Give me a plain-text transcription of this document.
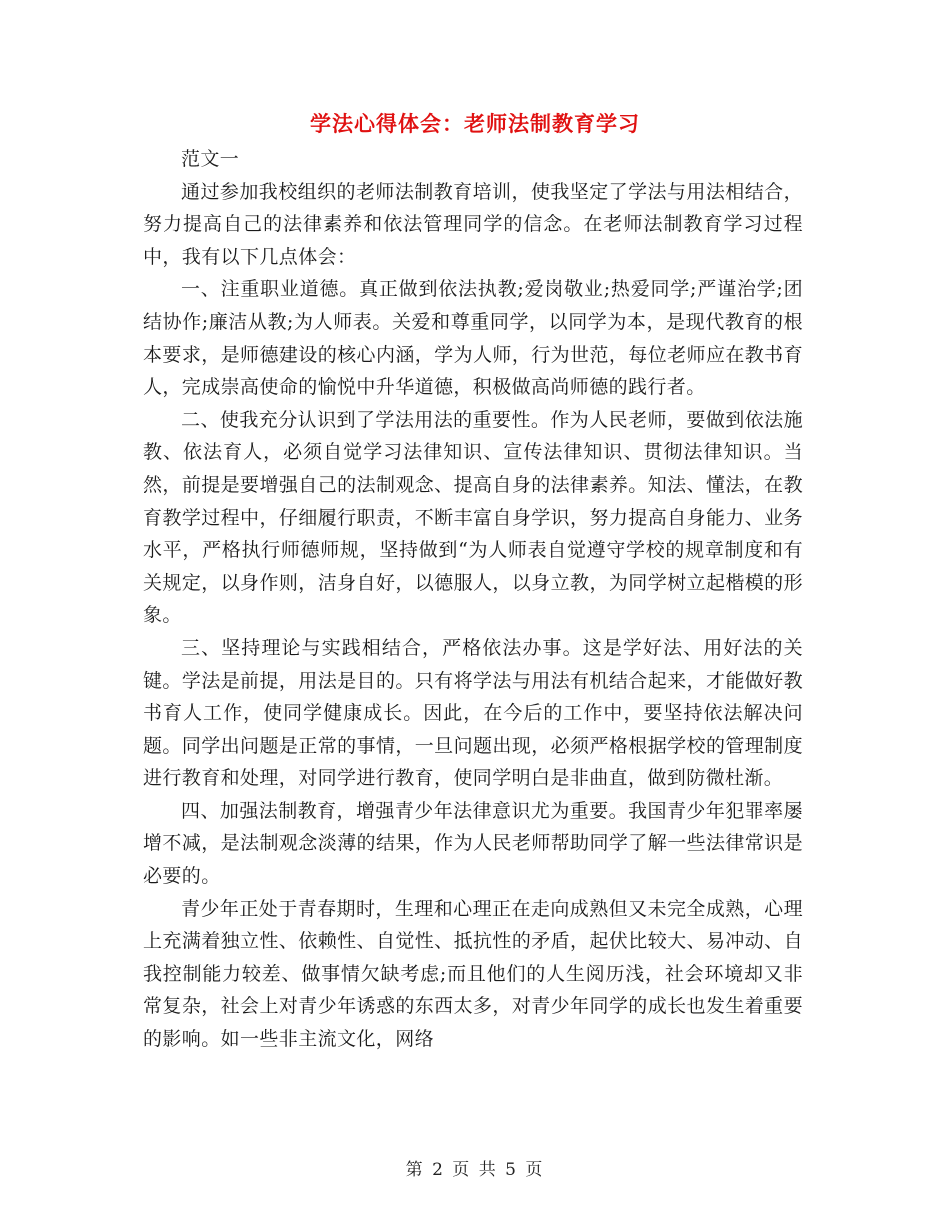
学法心得体会：老师法制教育学习

范文一

通过参加我校组织的老师法制教育培训，使我坚定了学法与用法相结合，努力提高自己的法律素养和依法管理同学的信念。在老师法制教育学习过程中，我有以下几点体会：

一、注重职业道德。真正做到依法执教;爱岗敬业;热爱同学;严谨治学;团结协作;廉洁从教;为人师表。关爱和尊重同学，以同学为本，是现代教育的根本要求，是师德建设的核心内涵，学为人师，行为世范，每位老师应在教书育人，完成崇高使命的愉悦中升华道德，积极做高尚师德的践行者。

二、使我充分认识到了学法用法的重要性。作为人民老师，要做到依法施教、依法育人，必须自觉学习法律知识、宣传法律知识、贯彻法律知识。当然，前提是要增强自己的法制观念、提高自身的法律素养。知法、懂法，在教育教学过程中，仔细履行职责，不断丰富自身学识，努力提高自身能力、业务水平，严格执行师德师规，坚持做到“为人师表自觉遵守学校的规章制度和有关规定，以身作则，洁身自好，以德服人，以身立教，为同学树立起楷模的形象。

三、坚持理论与实践相结合，严格依法办事。这是学好法、用好法的关键。学法是前提，用法是目的。只有将学法与用法有机结合起来，才能做好教书育人工作，使同学健康成长。因此，在今后的工作中，要坚持依法解决问题。同学出问题是正常的事情，一旦问题出现，必须严格根据学校的管理制度进行教育和处理，对同学进行教育，使同学明白是非曲直，做到防微杜渐。

四、加强法制教育，增强青少年法律意识尤为重要。我国青少年犯罪率屡增不减，是法制观念淡薄的结果，作为人民老师帮助同学了解一些法律常识是必要的。

青少年正处于青春期时，生理和心理正在走向成熟但又未完全成熟，心理上充满着独立性、依赖性、自觉性、抵抗性的矛盾，起伏比较大、易冲动、自我控制能力较差、做事情欠缺考虑;而且他们的人生阅历浅，社会环境却又非常复杂，社会上对青少年诱惑的东西太多，对青少年同学的成长也发生着重要的影响。如一些非主流文化，网络

第 2 页 共 5 页
